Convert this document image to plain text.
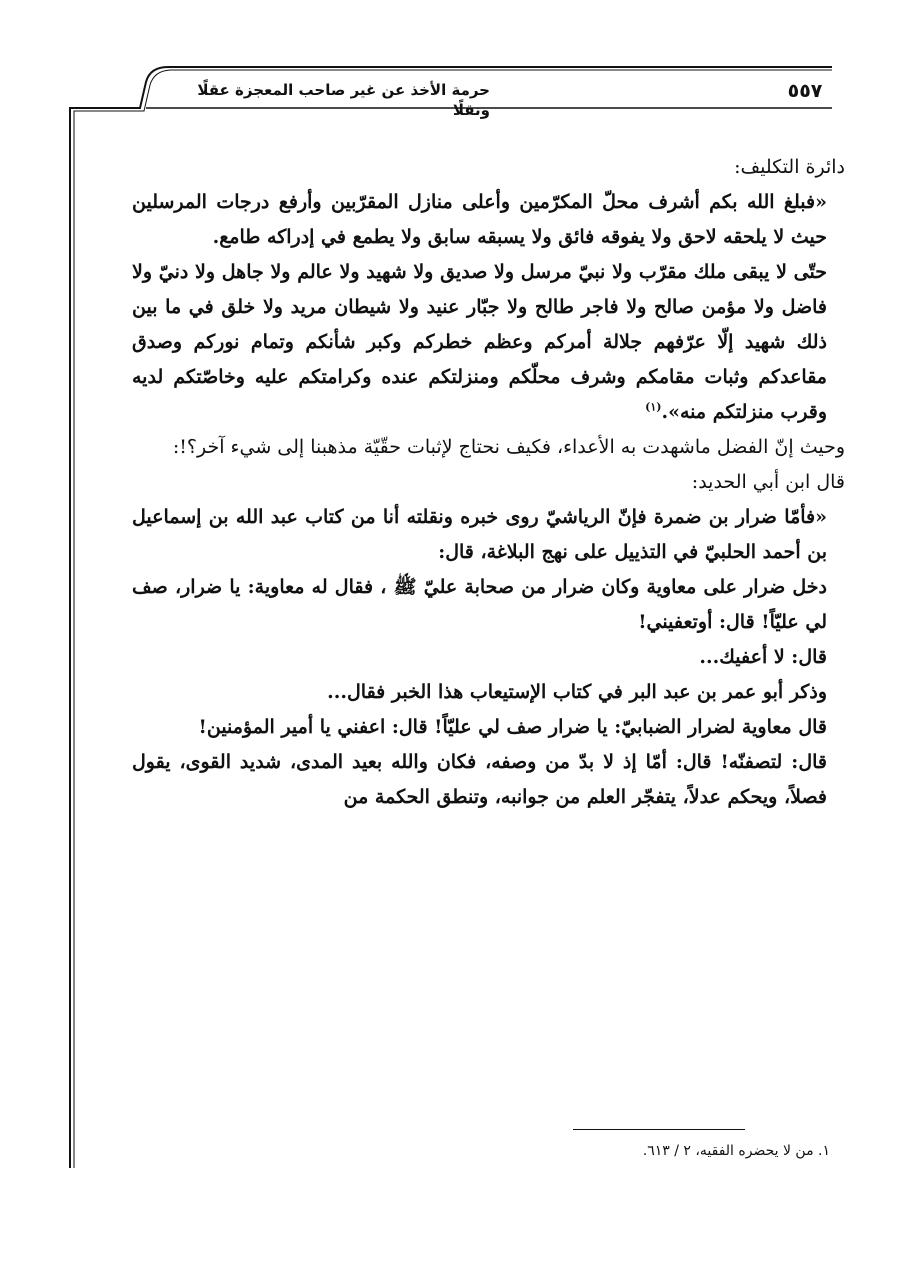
حرمة الأخذ عن غير صاحب المعجزة عقلًا ونقلًا
٥٥٧

دائرة التكليف:

«فبلغ الله بكم أشرف محلّ المكرّمين وأعلى منازل المقرّبين وأرفع درجات المرسلين حيث لا يلحقه لاحق ولا يفوقه فائق ولا يسبقه سابق ولا يطمع في إدراكه طامع.

حتّى لا يبقى ملك مقرّب ولا نبيّ مرسل ولا صديق ولا شهيد ولا عالم ولا جاهل ولا دنيّ ولا فاضل ولا مؤمن صالح ولا فاجر طالح ولا جبّار عنيد ولا شيطان مريد ولا خلق في ما بين ذلك شهيد إلّا عرّفهم جلالة أمركم وعظم خطركم وكبر شأنكم وتمام نوركم وصدق مقاعدكم وثبات مقامكم وشرف محلّكم ومنزلتكم عنده وكرامتكم عليه وخاصّتكم لديه وقرب منزلتكم منه».$^{(١)}$

وحيث إنّ الفضل ماشهدت به الأعداء، فكيف نحتاج لإثبات حقّيّة مذهبنا إلى شيء آخر؟!:

قال ابن أبي الحديد:

«فأمّا ضرار بن ضمرة فإنّ الرياشيّ روى خبره ونقلته أنا من كتاب عبد الله بن إسماعيل بن أحمد الحلبيّ في التذييل على نهج البلاغة، قال:

دخل ضرار على معاوية وكان ضرار من صحابة عليّ ﷺ ، فقال له معاوية: يا ضرار، صف لي عليّاً! قال: أوتعفيني!

قال: لا أعفيك...

وذكر أبو عمر بن عبد البر في كتاب الإستيعاب هذا الخبر فقال...

قال معاوية لضرار الضبابيّ: يا ضرار صف لي عليّاً! قال: اعفني يا أمير المؤمنين!

قال: لتصفنّه! قال: أمّا إذ لا بدّ من وصفه، فكان والله بعيد المدى، شديد القوى، يقول فصلاً، ويحكم عدلاً، يتفجّر العلم من جوانبه، وتنطق الحكمة من

١. من لا يحضره الفقيه، ٢ / ٦١٣.
